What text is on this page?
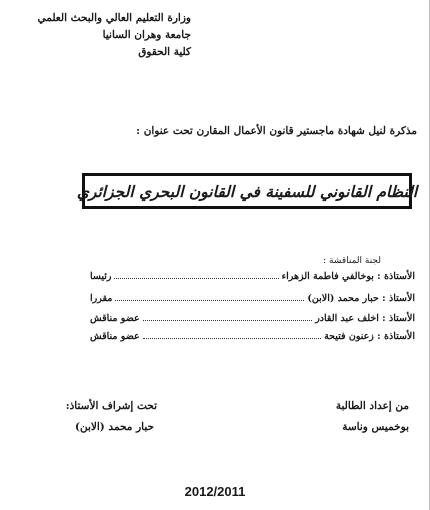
وزارة التعليم العالي والبحث العلمي
جامعة وهران السانيا
كلية الحقوق
مذكرة لنيل شهادة ماجستير قانون الأعمال المقارن تحت عنوان :
النظام القانوني للسفينة في القانون البحري الجزائري
لجنة المناقشة :
الأستاذة : بوخالفي فاطمة الزهراء
رئيسا
الأستاذ : حبار محمد (الابن)
مقررا
الأستاذ : اخلف عبد القادر
عضو مناقش
الأستاذة : زعنون فتيحة
عضو مناقش
من إعداد الطالبة
بوخميس وناسة
تحت إشراف الأستاذ:
حبار محمد (الابن)
2012/2011
